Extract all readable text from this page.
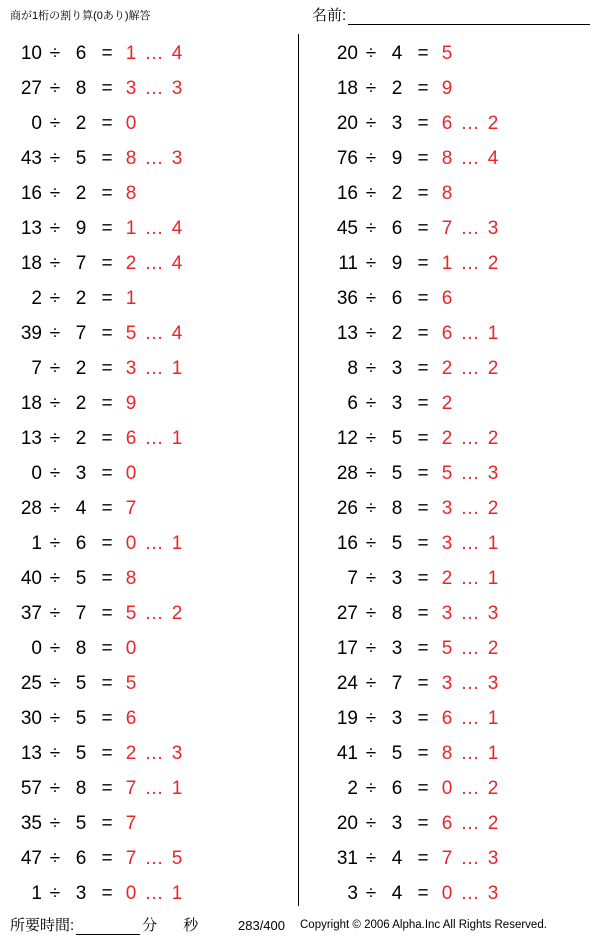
商が1桁の割り算(0あり)解答	名前:
10 ÷ 6 = 1 … 4
27 ÷ 8 = 3 … 3
0 ÷ 2 = 0
43 ÷ 5 = 8 … 3
16 ÷ 2 = 8
13 ÷ 9 = 1 … 4
18 ÷ 7 = 2 … 4
2 ÷ 2 = 1
39 ÷ 7 = 5 … 4
7 ÷ 2 = 3 … 1
18 ÷ 2 = 9
13 ÷ 2 = 6 … 1
0 ÷ 3 = 0
28 ÷ 4 = 7
1 ÷ 6 = 0 … 1
40 ÷ 5 = 8
37 ÷ 7 = 5 … 2
0 ÷ 8 = 0
25 ÷ 5 = 5
30 ÷ 5 = 6
13 ÷ 5 = 2 … 3
57 ÷ 8 = 7 … 1
35 ÷ 5 = 7
47 ÷ 6 = 7 … 5
1 ÷ 3 = 0 … 1
20 ÷ 4 = 5
18 ÷ 2 = 9
20 ÷ 3 = 6 … 2
76 ÷ 9 = 8 … 4
16 ÷ 2 = 8
45 ÷ 6 = 7 … 3
11 ÷ 9 = 1 … 2
36 ÷ 6 = 6
13 ÷ 2 = 6 … 1
8 ÷ 3 = 2 … 2
6 ÷ 3 = 2
12 ÷ 5 = 2 … 2
28 ÷ 5 = 5 … 3
26 ÷ 8 = 3 … 2
16 ÷ 5 = 3 … 1
7 ÷ 3 = 2 … 1
27 ÷ 8 = 3 … 3
17 ÷ 3 = 5 … 2
24 ÷ 7 = 3 … 3
19 ÷ 3 = 6 … 1
41 ÷ 5 = 8 … 1
2 ÷ 6 = 0 … 2
20 ÷ 3 = 6 … 2
31 ÷ 4 = 7 … 3
3 ÷ 4 = 0 … 3
所要時間:	分 秒	283/400 Copyright © 2006 Alpha.Inc All Rights Reserved.
